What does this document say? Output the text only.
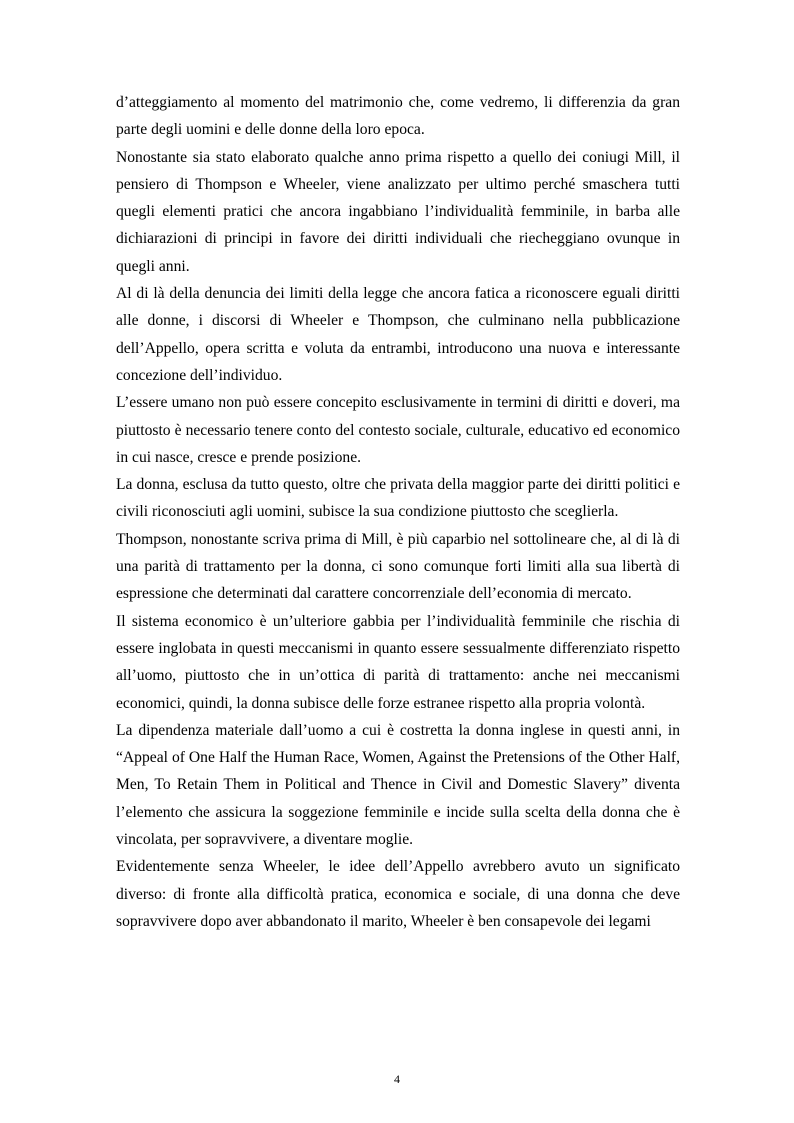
d’atteggiamento al momento del matrimonio che, come vedremo, li differenzia da gran parte degli uomini e delle donne della loro epoca.

Nonostante sia stato elaborato qualche anno prima rispetto a quello dei coniugi Mill, il pensiero di Thompson e Wheeler, viene analizzato per ultimo perché smaschera tutti quegli elementi pratici che ancora ingabbiano l’individualità femminile, in barba alle dichiarazioni di principi in favore dei diritti individuali che riecheggiano ovunque in quegli anni.

Al di là della denuncia dei limiti della legge che ancora fatica a riconoscere eguali diritti alle donne, i discorsi di Wheeler e Thompson, che culminano nella pubblicazione dell’Appello, opera scritta e voluta da entrambi, introducono una nuova e interessante concezione dell’individuo.

L’essere umano non può essere concepito esclusivamente in termini di diritti e doveri, ma piuttosto è necessario tenere conto del contesto sociale, culturale, educativo ed economico in cui nasce, cresce e prende posizione.

La donna, esclusa da tutto questo, oltre che privata della maggior parte dei diritti politici e civili riconosciuti agli uomini, subisce la sua condizione piuttosto che sceglierla.

Thompson, nonostante scriva prima di Mill, è più caparbio nel sottolineare che, al di là di una parità di trattamento per la donna, ci sono comunque forti limiti alla sua libertà di espressione che determinati dal carattere concorrenziale dell’economia di mercato.

Il sistema economico è un’ulteriore gabbia per l’individualità femminile che rischia di essere inglobata in questi meccanismi in quanto essere sessualmente differenziato rispetto all’uomo, piuttosto che in un’ottica di parità di trattamento: anche nei meccanismi economici, quindi, la donna subisce delle forze estranee rispetto alla propria volontà.

La dipendenza materiale dall’uomo a cui è costretta la donna inglese in questi anni, in “Appeal of One Half the Human Race, Women, Against the Pretensions of the Other Half, Men, To Retain Them in Political and Thence in Civil and Domestic Slavery” diventa l’elemento che assicura la soggezione femminile e incide sulla scelta della donna che è vincolata, per sopravvivere, a diventare moglie.

Evidentemente senza Wheeler, le idee dell’Appello avrebbero avuto un significato diverso: di fronte alla difficoltà pratica, economica e sociale, di una donna che deve sopravvivere dopo aver abbandonato il marito, Wheeler è ben consapevole dei legami

4
